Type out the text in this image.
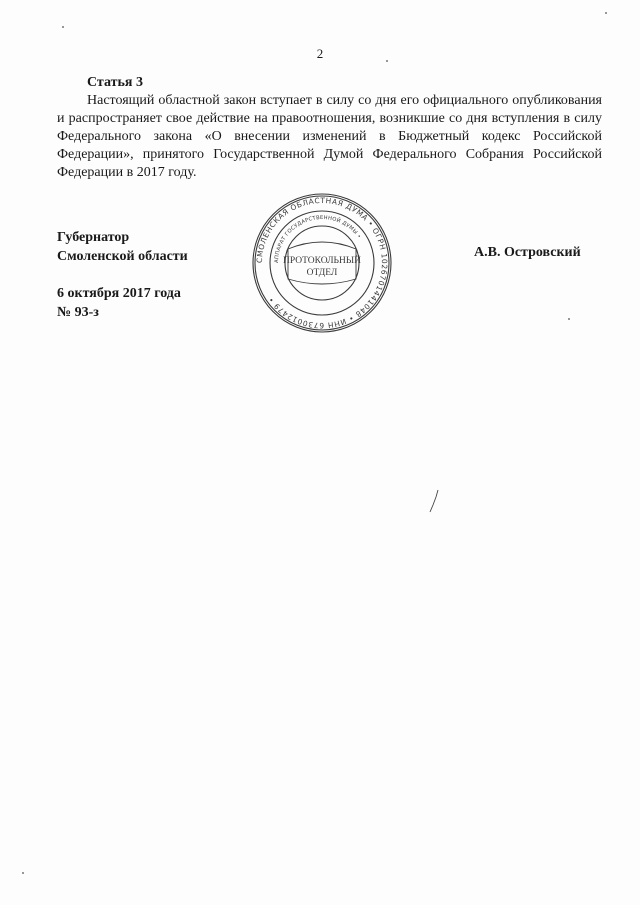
2

Статья 3

Настоящий областной закон вступает в силу со дня его официального опубликования и распространяет свое действие на правоотношения, возникшие со дня вступления в силу Федерального закона «О внесении изменений в Бюджетный кодекс Российской Федерации», принятого Государственной Думой Федерального Собрания Российской Федерации в 2017 году.

Губернатор
Смоленской области
6 октября 2017 года
№ 93-з
А.В. Островский
СМОЛЕНСКАЯ ОБЛАСТНАЯ ДУМА • ОГРН 1026701441048 • ИНН 6730012479 •
АППАРАТ ГОСУДАРСТВЕННОЙ ДУМЫ •
ПРОТОКОЛЬНЫЙ
ОТДЕЛ
